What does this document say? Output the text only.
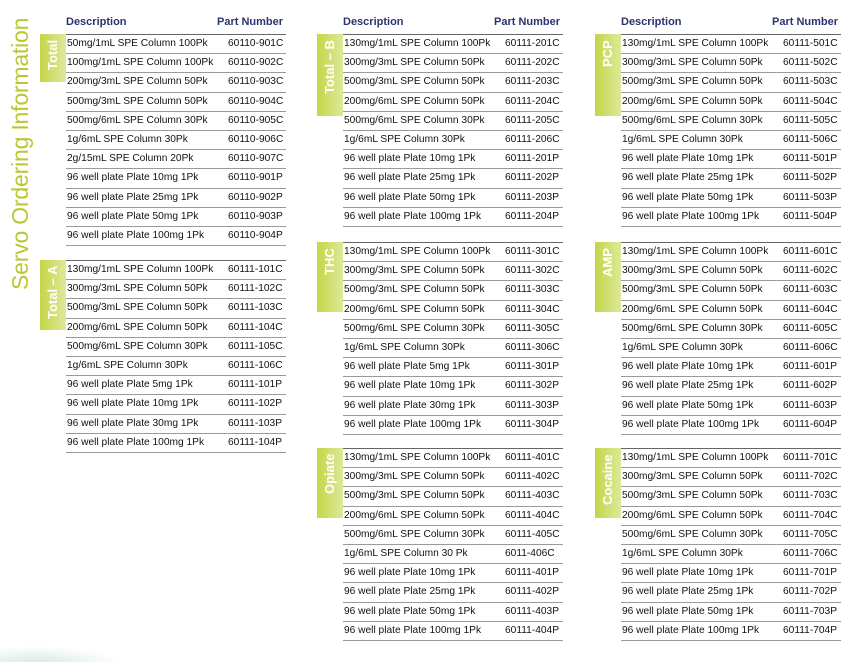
Servo Ordering Information	Description	Part Number
Total 50mg/1mL SPE Column 100Pk 60110-901C
100mg/1mL SPE Column 100Pk 60110-902C
200mg/3mL SPE Column 50Pk 60110-903C
500mg/3mL SPE Column 50Pk 60110-904C
500mg/6mL SPE Column 30Pk 60110-905C
1g/6mL SPE Column 30Pk	60110-906C
2g/15mL SPE Column 20Pk	60110-907C
96 well plate Plate 10mg 1Pk	60110-901P
96 well plate Plate 25mg 1Pk	60110-902P
96 well plate Plate 50mg 1Pk	60110-903P
96 well plate Plate 100mg 1Pk 60110-904P
Total – A 130mg/1mL SPE Column 100Pk 60111-101C
300mg/3mL SPE Column 50Pk 60111-102C
500mg/3mL SPE Column 50Pk 60111-103C
200mg/6mL SPE Column 50Pk 60111-104C
500mg/6mL SPE Column 30Pk 60111-105C
1g/6mL SPE Column 30Pk	60111-106C
96 well plate Plate 5mg 1Pk	60111-101P
96 well plate Plate 10mg 1Pk	60111-102P
96 well plate Plate 30mg 1Pk	60111-103P
96 well plate Plate 100mg 1Pk 60111-104P
Description	Part Number
Total – B 130mg/1mL SPE Column 100Pk 60111-201C
300mg/3mL SPE Column 50Pk 60111-202C
500mg/3mL SPE Column 50Pk 60111-203C
200mg/6mL SPE Column 50Pk 60111-204C
500mg/6mL SPE Column 30Pk 60111-205C
1g/6mL SPE Column 30Pk	60111-206C
96 well plate Plate 10mg 1Pk	60111-201P
96 well plate Plate 25mg 1Pk	60111-202P
96 well plate Plate 50mg 1Pk	60111-203P
96 well plate Plate 100mg 1Pk 60111-204P
THC 130mg/1mL SPE Column 100Pk 60111-301C
300mg/3mL SPE Column 50Pk 60111-302C
500mg/3mL SPE Column 50Pk 60111-303C
200mg/6mL SPE Column 50Pk 60111-304C
500mg/6mL SPE Column 30Pk 60111-305C
1g/6mL SPE Column 30Pk	60111-306C
96 well plate Plate 5mg 1Pk	60111-301P
96 well plate Plate 10mg 1Pk	60111-302P
96 well plate Plate 30mg 1Pk	60111-303P
96 well plate Plate 100mg 1Pk 60111-304P
Opiate 130mg/1mL SPE Column 100Pk 60111-401C
300mg/3mL SPE Column 50Pk 60111-402C
500mg/3mL SPE Column 50Pk 60111-403C
200mg/6mL SPE Column 50Pk 60111-404C
500mg/6mL SPE Column 30Pk 60111-405C
1g/6mL SPE Column 30 Pk	6011-406C
96 well plate Plate 10mg 1Pk	60111-401P
96 well plate Plate 25mg 1Pk	60111-402P
96 well plate Plate 50mg 1Pk	60111-403P
96 well plate Plate 100mg 1Pk 60111-404P
Description	Part Number
PCP 130mg/1mL SPE Column 100Pk 60111-501C
300mg/3mL SPE Column 50Pk 60111-502C
500mg/3mL SPE Column 50Pk 60111-503C
200mg/6mL SPE Column 50Pk 60111-504C
500mg/6mL SPE Column 30Pk 60111-505C
1g/6mL SPE Column 30Pk	60111-506C
96 well plate Plate 10mg 1Pk	60111-501P
96 well plate Plate 25mg 1Pk	60111-502P
96 well plate Plate 50mg 1Pk	60111-503P
96 well plate Plate 100mg 1Pk 60111-504P
AMP 130mg/1mL SPE Column 100Pk 60111-601C
300mg/3mL SPE Column 50Pk 60111-602C
500mg/3mL SPE Column 50Pk 60111-603C
200mg/6mL SPE Column 50Pk 60111-604C
500mg/6mL SPE Column 30Pk 60111-605C
1g/6mL SPE Column 30Pk	60111-606C
96 well plate Plate 10mg 1Pk	60111-601P
96 well plate Plate 25mg 1Pk	60111-602P
96 well plate Plate 50mg 1Pk	60111-603P
96 well plate Plate 100mg 1Pk 60111-604P
Cocaine 130mg/1mL SPE Column 100Pk 60111-701C
300mg/3mL SPE Column 50Pk 60111-702C
500mg/3mL SPE Column 50Pk 60111-703C
200mg/6mL SPE Column 50Pk 60111-704C
500mg/6mL SPE Column 30Pk 60111-705C
1g/6mL SPE Column 30Pk	60111-706C
96 well plate Plate 10mg 1Pk	60111-701P
96 well plate Plate 25mg 1Pk	60111-702P
96 well plate Plate 50mg 1Pk	60111-703P
96 well plate Plate 100mg 1Pk 60111-704P
